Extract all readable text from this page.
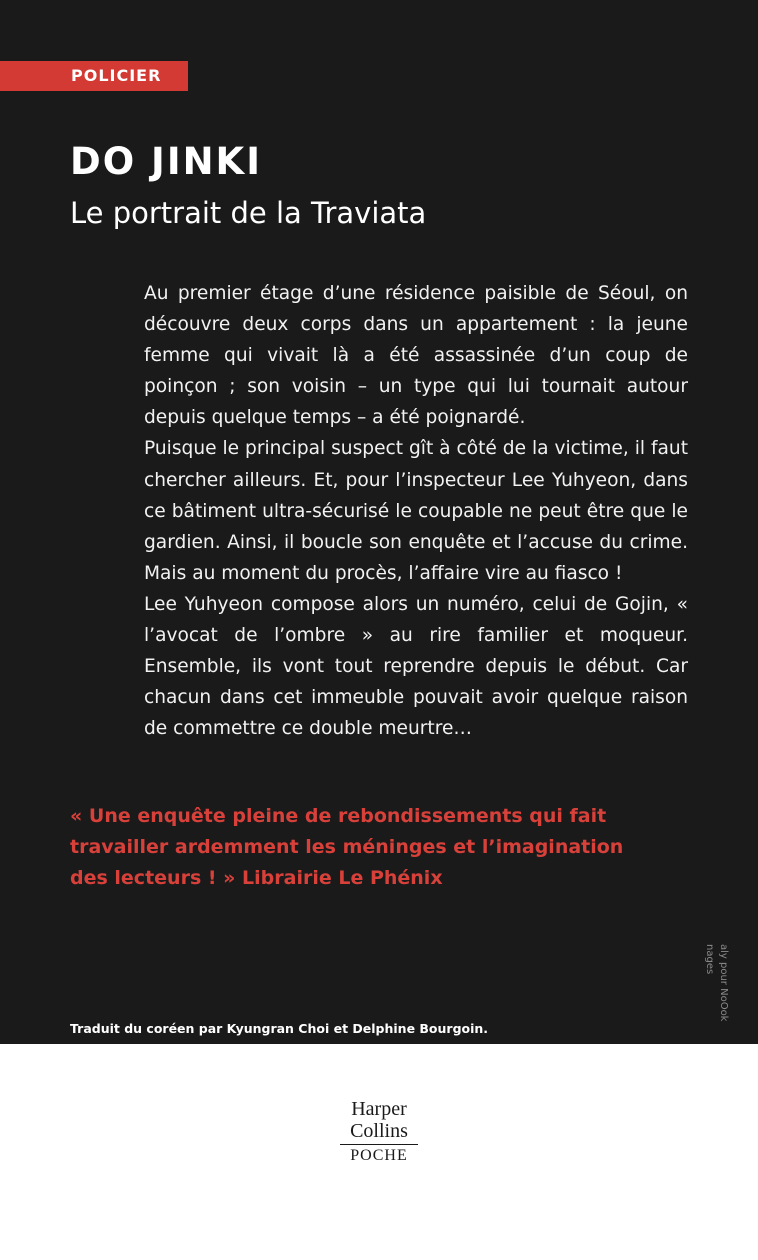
POLICIER
DO JINKI
Le portrait de la Traviata

Au premier étage d’une résidence paisible de Séoul, on découvre deux corps dans un appartement : la jeune femme qui vivait là a été assassinée d’un coup de poinçon ; son voisin – un type qui lui tournait autour depuis quelque temps – a été poignardé.

Puisque le principal suspect gît à côté de la victime, il faut chercher ailleurs. Et, pour l’inspecteur Lee Yuhyeon, dans ce bâtiment ultra-sécurisé le coupable ne peut être que le gardien. Ainsi, il boucle son enquête et l’accuse du crime. Mais au moment du procès, l’affaire vire au fiasco !

Lee Yuhyeon compose alors un numéro, celui de Gojin, « l’avocat de l’ombre » au rire familier et moqueur. Ensemble, ils vont tout reprendre depuis le début. Car chacun dans cet immeuble pouvait avoir quelque raison de commettre ce double meurtre…

« Une enquête pleine de rebondissements qui fait
travailler ardemment les méninges et l’imagination
des lecteurs ! » Librairie Le Phénix
aly pour NoOok
nages
Traduit du coréen par Kyungran Choi et Delphine Bourgoin.
Harper
Collins
POCHE
